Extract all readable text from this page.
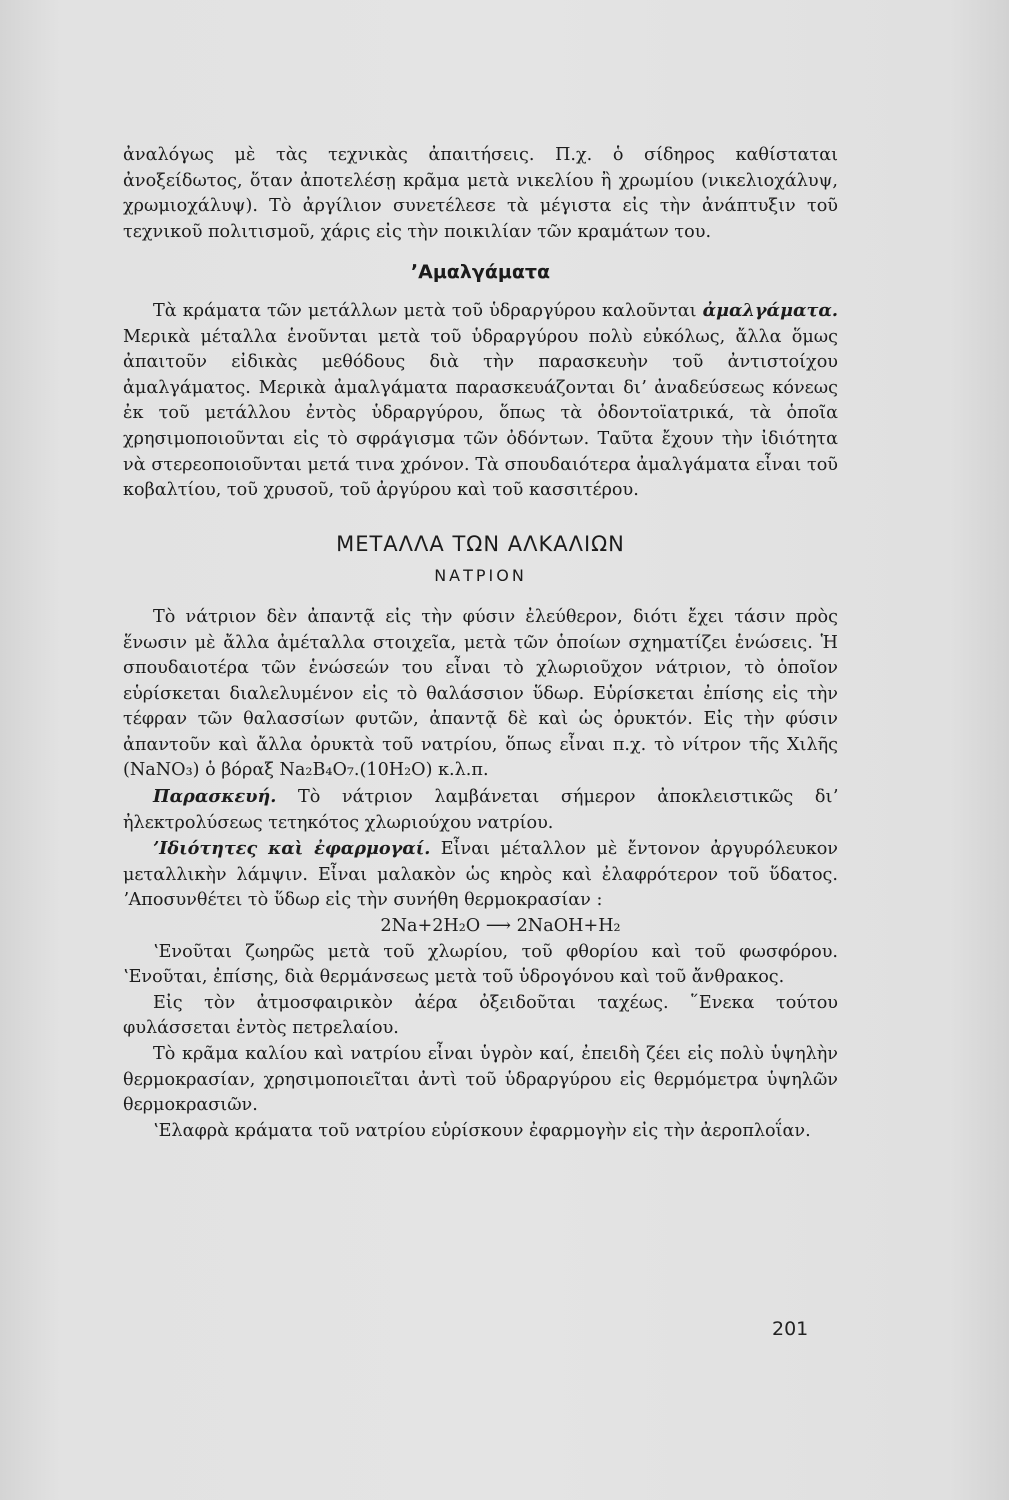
ἀναλόγως μὲ τὰς τεχνικὰς ἀπαιτήσεις. Π.χ. ὁ σίδηρος καθίσταται ἀνοξείδωτος, ὅταν ἀποτελέσῃ κρᾶμα μετὰ νικελίου ἢ χρωμίου (νικελιοχάλυψ, χρωμιοχάλυψ). Τὸ ἀργίλιον συνετέλεσε τὰ μέγιστα εἰς τὴν ἀνάπτυξιν τοῦ τεχνικοῦ πολιτισμοῦ, χάρις εἰς τὴν ποικιλίαν τῶν κραμάτων του.

ʼΑμαλγάματα

Τὰ κράματα τῶν μετάλλων μετὰ τοῦ ὑδραργύρου καλοῦνται ἀμαλγάματα. Μερικὰ μέταλλα ἑνοῦνται μετὰ τοῦ ὑδραργύρου πολὺ εὐκόλως, ἄλλα ὅμως ἀπαιτοῦν εἰδικὰς μεθόδους διὰ τὴν παρασκευὴν τοῦ ἀντιστοίχου ἀμαλγάματος. Μερικὰ ἀμαλγάματα παρασκευάζονται διʼ ἀναδεύσεως κόνεως ἐκ τοῦ μετάλλου ἐντὸς ὑδραργύρου, ὅπως τὰ ὀδοντοϊατρικά, τὰ ὁποῖα χρησιμοποιοῦνται εἰς τὸ σφράγισμα τῶν ὀδόντων. Ταῦτα ἔχουν τὴν ἰδιότητα νὰ στερεοποιοῦνται μετά τινα χρόνον. Τὰ σπουδαιότερα ἀμαλγάματα εἶναι τοῦ κοβαλτίου, τοῦ χρυσοῦ, τοῦ ἀργύρου καὶ τοῦ κασσιτέρου.

ΜΕΤΑΛΛΑ ΤΩΝ ΑΛΚΑΛΙΩΝ
ΝΑΤΡΙΟΝ

Τὸ νάτριον δὲν ἀπαντᾷ εἰς τὴν φύσιν ἐλεύθερον, διότι ἔχει τάσιν πρὸς ἕνωσιν μὲ ἄλλα ἀμέταλλα στοιχεῖα, μετὰ τῶν ὁποίων σχηματίζει ἑνώσεις. Ἡ σπουδαιοτέρα τῶν ἑνώσεών του εἶναι τὸ χλωριοῦχον νάτριον, τὸ ὁποῖον εὑρίσκεται διαλελυμένον εἰς τὸ θαλάσσιον ὕδωρ. Εὑρίσκεται ἐπίσης εἰς τὴν τέφραν τῶν θαλασσίων φυτῶν, ἀπαντᾷ δὲ καὶ ὡς ὀρυκτόν. Εἰς τὴν φύσιν ἀπαντοῦν καὶ ἄλλα ὀρυκτὰ τοῦ νατρίου, ὅπως εἶναι π.χ. τὸ νίτρον τῆς Χιλῆς (NaNO₃) ὁ βόραξ Na₂B₄O₇.(10H₂O) κ.λ.π.

Παρασκευή. Τὸ νάτριον λαμβάνεται σήμερον ἀποκλειστικῶς διʼ ἠλεκτρολύσεως τετηκότος χλωριούχου νατρίου.

ʼΙδιότητες καὶ ἐφαρμογαί. Εἶναι μέταλλον μὲ ἔντονον ἀργυρόλευκον μεταλλικὴν λάμψιν. Εἶναι μαλακὸν ὡς κηρὸς καὶ ἐλαφρότερον τοῦ ὕδατος. ʼΑποσυνθέτει τὸ ὕδωρ εἰς τὴν συνήθη θερμοκρασίαν :

2Na+2H₂O ⟶ 2NaOH+H₂

ʽΕνοῦται ζωηρῶς μετὰ τοῦ χλωρίου, τοῦ φθορίου καὶ τοῦ φωσφόρου. ʽΕνοῦται, ἐπίσης, διὰ θερμάνσεως μετὰ τοῦ ὑδρογόνου καὶ τοῦ ἄνθρακος.

Εἰς τὸν ἀτμοσφαιρικὸν ἀέρα ὀξειδοῦται ταχέως. ῞Ενεκα τούτου φυλάσσεται ἐντὸς πετρελαίου.

Τὸ κρᾶμα καλίου καὶ νατρίου εἶναι ὑγρὸν καί, ἐπειδὴ ζέει εἰς πολὺ ὑψηλὴν θερμοκρασίαν, χρησιμοποιεῖται ἀντὶ τοῦ ὑδραργύρου εἰς θερμόμετρα ὑψηλῶν θερμοκρασιῶν.

ʽΕλαφρὰ κράματα τοῦ νατρίου εὑρίσκουν ἐφαρμογὴν εἰς τὴν ἀεροπλοΐαν.

201
